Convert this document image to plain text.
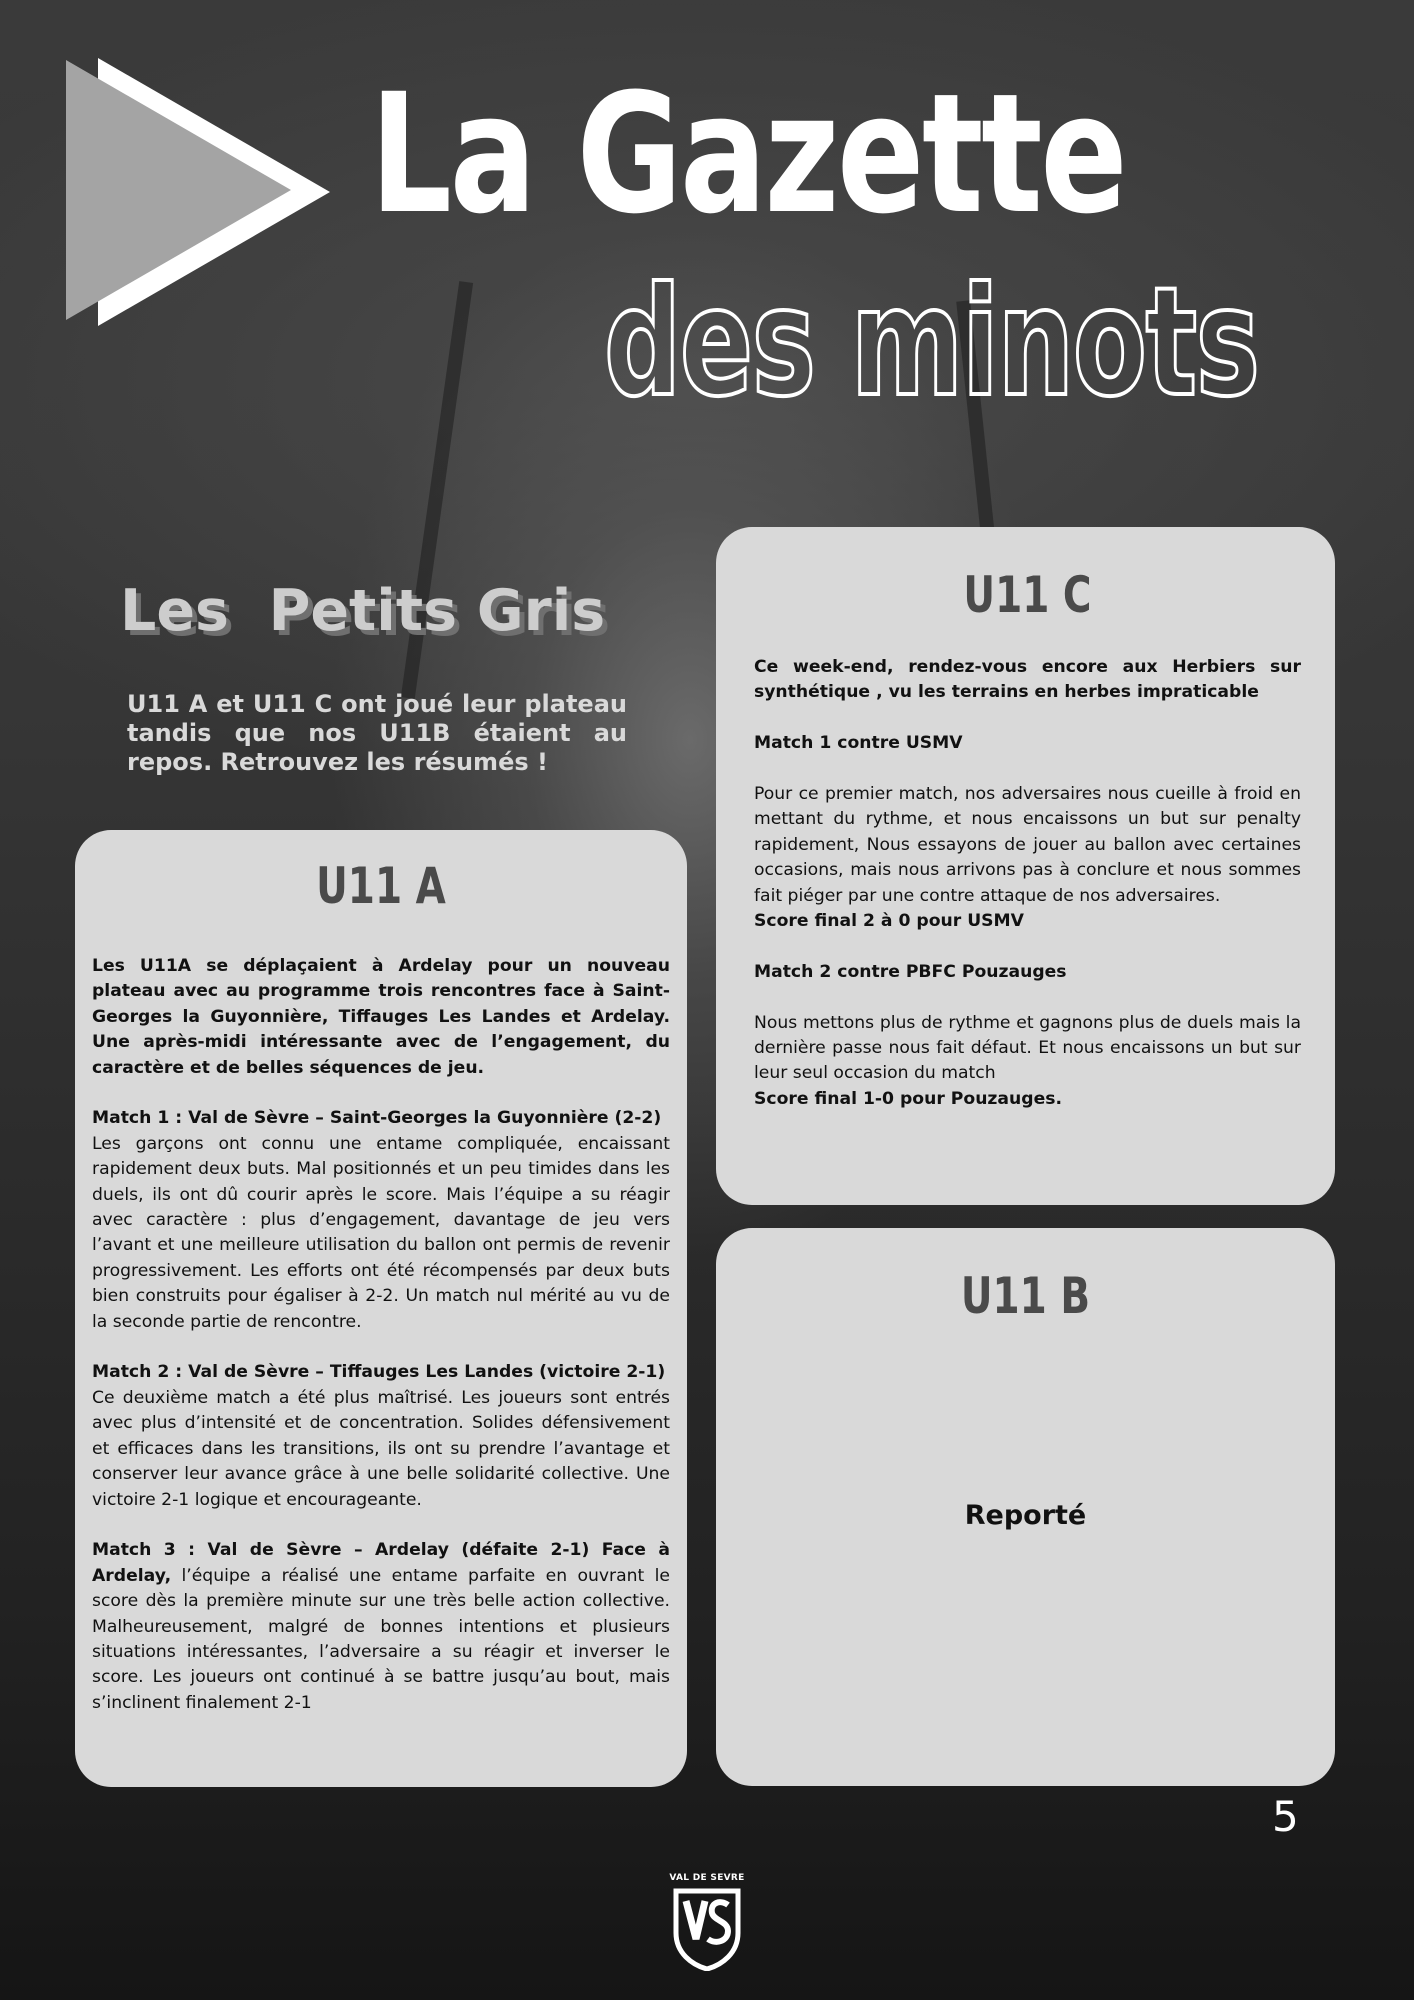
La Gazette
des minots
Les  Petits Gris

U11 A et U11 C ont joué leur plateau tandis que nos U11B étaient au repos. Retrouvez les résumés !

U11 C

Ce week-end, rendez-vous encore aux Herbiers sur synthétique , vu les terrains en herbes impraticable

Match 1 contre USMV

Pour ce premier match, nos adversaires nous cueille à froid en mettant du rythme, et nous encaissons un but sur penalty rapidement, Nous essayons de jouer au ballon avec certaines occasions, mais nous arrivons pas à conclure et nous sommes fait piéger par une contre attaque de nos adversaires.

Score final 2 à 0 pour USMV

Match 2 contre PBFC Pouzauges

Nous mettons plus de rythme et gagnons plus de duels mais la dernière passe nous fait défaut. Et nous encaissons un but sur leur seul occasion du match

Score final 1-0 pour Pouzauges.

U11 A

Les U11A se déplaçaient à Ardelay pour un nouveau plateau avec au programme trois rencontres face à Saint-Georges la Guyonnière, Tiffauges Les Landes et Ardelay. Une après-midi intéressante avec de l’engagement, du caractère et de belles séquences de jeu.

Match 1 : Val de Sèvre – Saint-Georges la Guyonnière (2-2)

Les garçons ont connu une entame compliquée, encaissant rapidement deux buts. Mal positionnés et un peu timides dans les duels, ils ont dû courir après le score. Mais l’équipe a su réagir avec caractère : plus d’engagement, davantage de jeu vers l’avant et une meilleure utilisation du ballon ont permis de revenir progressivement. Les efforts ont été récompensés par deux buts bien construits pour égaliser à 2-2. Un match nul mérité au vu de la seconde partie de rencontre.

Match 2 : Val de Sèvre – Tiffauges Les Landes (victoire 2-1)

Ce deuxième match a été plus maîtrisé. Les joueurs sont entrés avec plus d’intensité et de concentration. Solides défensivement et efficaces dans les transitions, ils ont su prendre l’avantage et conserver leur avance grâce à une belle solidarité collective. Une victoire 2-1 logique et encourageante.

Match 3 : Val de Sèvre – Ardelay (défaite 2-1) Face à Ardelay, l’équipe a réalisé une entame parfaite en ouvrant le score dès la première minute sur une très belle action collective. Malheureusement, malgré de bonnes intentions et plusieurs situations intéressantes, l’adversaire a su réagir et inverser le score. Les joueurs ont continué à se battre jusqu’au bout, mais s’inclinent finalement 2-1

U11 B

Reporté

5

VAL DE SEVRE
